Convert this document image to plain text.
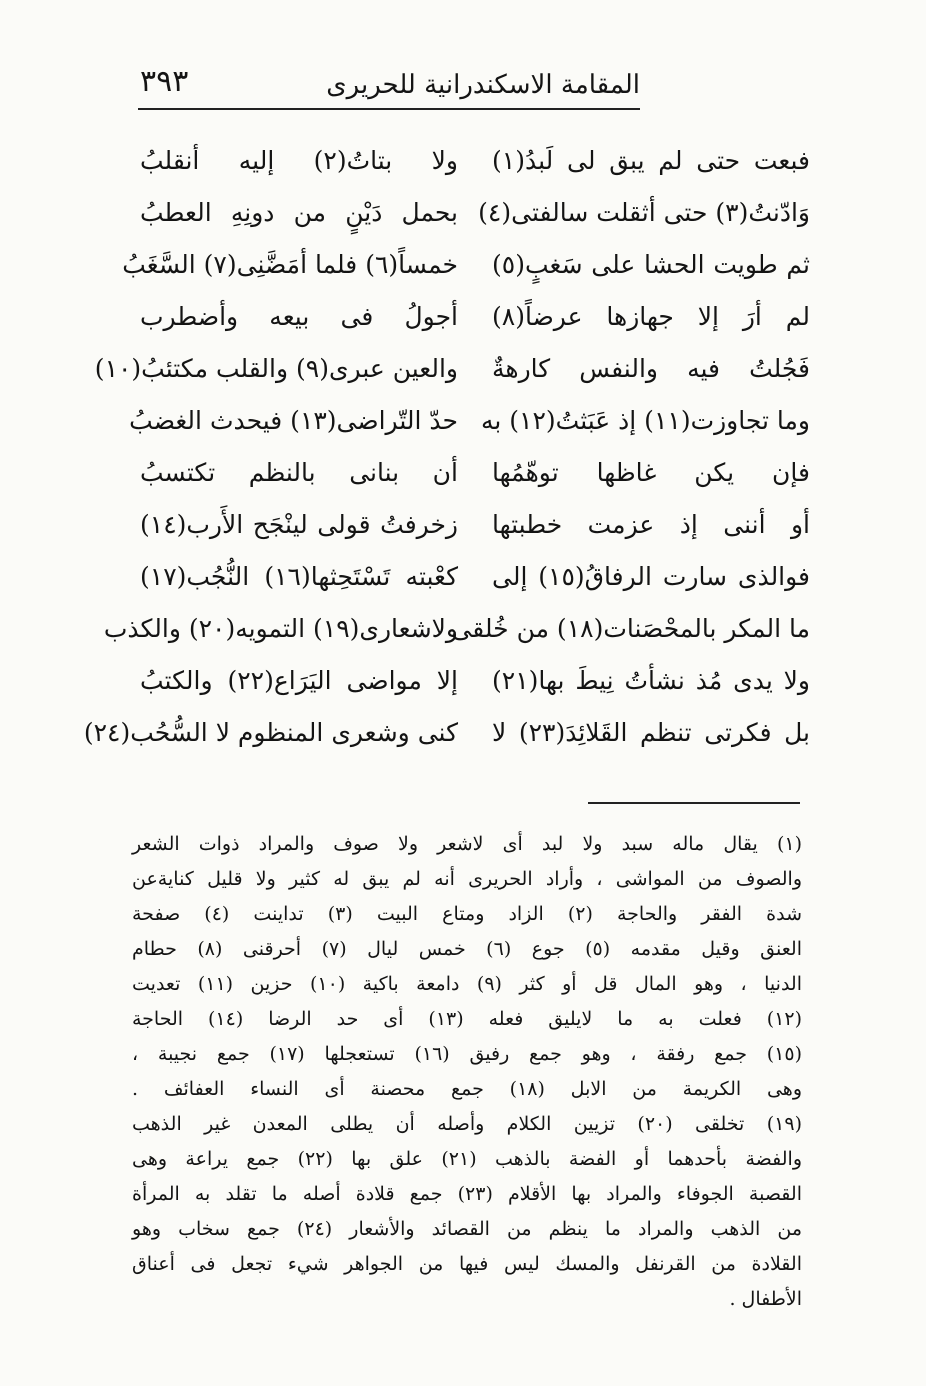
٣٩٣	المقامة الاسكندرانية للحريرى
فبعت حتى لم يبق لى لَبدُ(١)
ولا بتاتُ(٢) إليه أنقلبُ
وَادّنتُ(٣) حتى أثقلت سالفتى(٤)
بحمل دَيْنٍ من دونِهِ العطبُ
ثم طويت الحشا على سَغبٍ(٥)
خمساً(٦) فلما أمَضَّنِى(٧) السَّغَبُ
لم أرَ إلا جهازها عرضاً(٨)
أجولُ فى بيعه وأضطرب
فَجُلتُ فيه والنفس كارهةٌ
والعين عبرى(٩) والقلب مكتئبُ(١٠)
وما تجاوزت(١١) إذ عَبَثتُ(١٢) به
حدّ التّراضى(١٣) فيحدث الغضبُ
فإن يكن غاظها توهّمُها
أن بنانى بالنظم تكتسبُ
أو أننى إذ عزمت خطبتها
زخرفتُ قولى لينْجَح الأَرب(١٤)
فوالذى سارت الرفاقُ(١٥) إلى
كعْبته تَسْتَحِثها(١٦) النُّجُب(١٧)
ما المكر بالمحْصَنات(١٨) من خُلقى
ولاشعارى(١٩) التمويه(٢٠) والكذب
ولا يدى مُذ نشأتُ نِيطَ بها(٢١)
إلا مواضى اليَرَاع(٢٢) والكتبُ
بل فكرتى تنظم القَلائِدَ(٢٣) لا
كنى وشعرى المنظوم لا السُّحُب(٢٤)
(١) يقال ماله سبد ولا لبد أى لاشعر ولا صوف والمراد ذوات الشعر
والصوف من المواشى ، وأراد الحريرى أنه لم يبق له كثير ولا قليل كنايةعن
شدة الفقر والحاجة (٢) الزاد ومتاع البيت (٣) تداينت (٤) صفحة
العنق وقيل مقدمه (٥) جوع (٦) خمس ليال (٧) أحرقنى (٨) حطام
الدنيا ، وهو المال قل أو كثر (٩) دامعة باكية (١٠) حزين (١١) تعديت
(١٢) فعلت به ما لايليق فعله (١٣) أى حد الرضا (١٤) الحاجة
(١٥) جمع رفقة ، وهو جمع رفيق (١٦) تستعجلها (١٧) جمع نجيبة ،
وهى الكريمة من الابل (١٨) جمع محصنة أى النساء العفائف .
(١٩) تخلقى (٢٠) تزيين الكلام وأصله أن يطلى المعدن غير الذهب
والفضة بأحدهما أو الفضة بالذهب (٢١) علق بها (٢٢) جمع يراعة وهى
القصبة الجوفاء والمراد بها الأقلام (٢٣) جمع قلادة أصله ما تقلد به المرأة
من الذهب والمراد ما ينظم من القصائد والأشعار (٢٤) جمع سخاب وهو
القلادة من القرنفل والمسك ليس فيها من الجواهر شيء تجعل فى أعناق
الأطفال .
